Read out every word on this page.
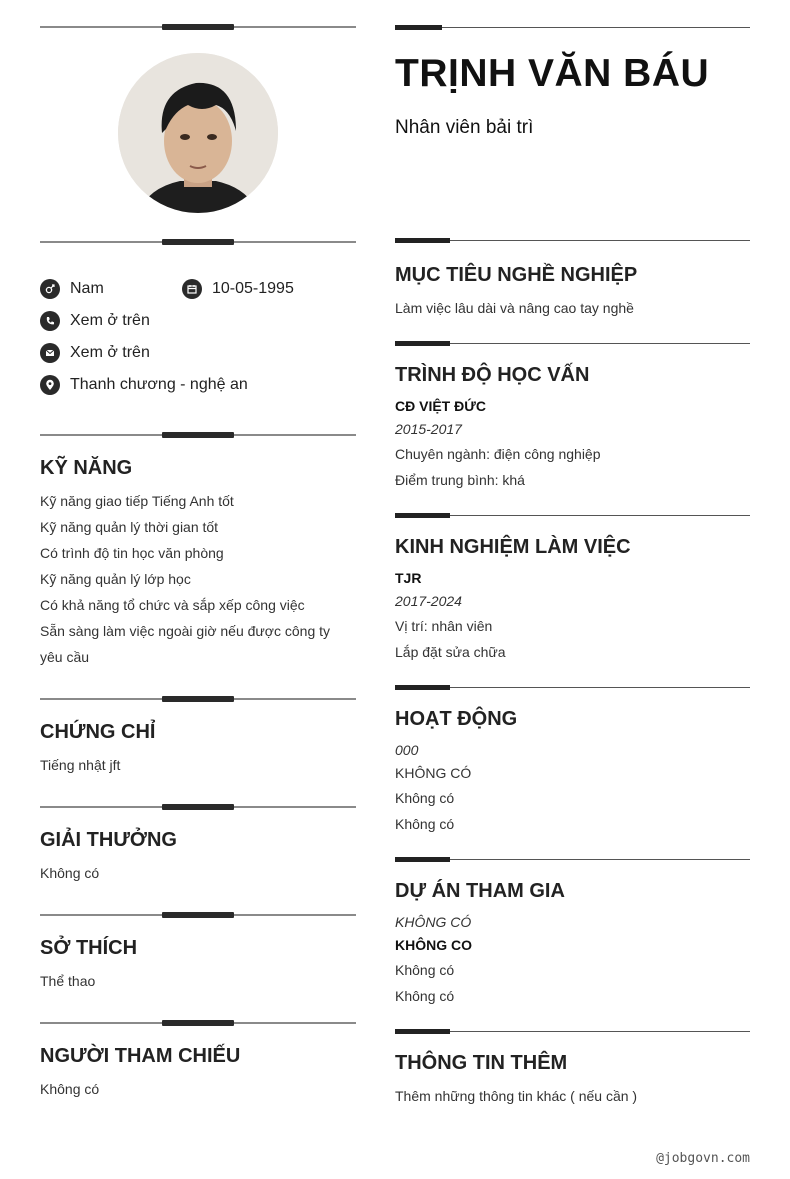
Nam	10-05-1995
Xem ở trên
Xem ở trên
Thanh chương - nghệ an
KỸ NĂNG
Kỹ năng giao tiếp Tiếng Anh tốt
Kỹ năng quản lý thời gian tốt
Có trình độ tin học văn phòng
Kỹ năng quản lý lớp học
Có khả năng tổ chức và sắp xếp công việc
Sẵn sàng làm việc ngoài giờ nếu được công ty yêu cầu
CHỨNG CHỈ
Tiếng nhật jft
GIẢI THƯỞNG
Không có
SỞ THÍCH
Thể thao
NGƯỜI THAM CHIẾU
Không có
TRỊNH VĂN BÁU
Nhân viên bải trì
MỤC TIÊU NGHỀ NGHIỆP
Làm việc lâu dài và nâng cao tay nghề
TRÌNH ĐỘ HỌC VẤN
CĐ VIỆT ĐỨC
2015-2017
Chuyên ngành: điện công nghiệp
Điểm trung bình: khá
KINH NGHIỆM LÀM VIỆC
TJR
2017-2024
Vị trí: nhân viên
Lắp đặt sửa chữa
HOẠT ĐỘNG
000
KHÔNG CÓ
Không có
Không có
DỰ ÁN THAM GIA
KHÔNG CÓ
KHÔNG CO
Không có
Không có
THÔNG TIN THÊM
Thêm những thông tin khác ( nếu cần )
@jobgovn.com
